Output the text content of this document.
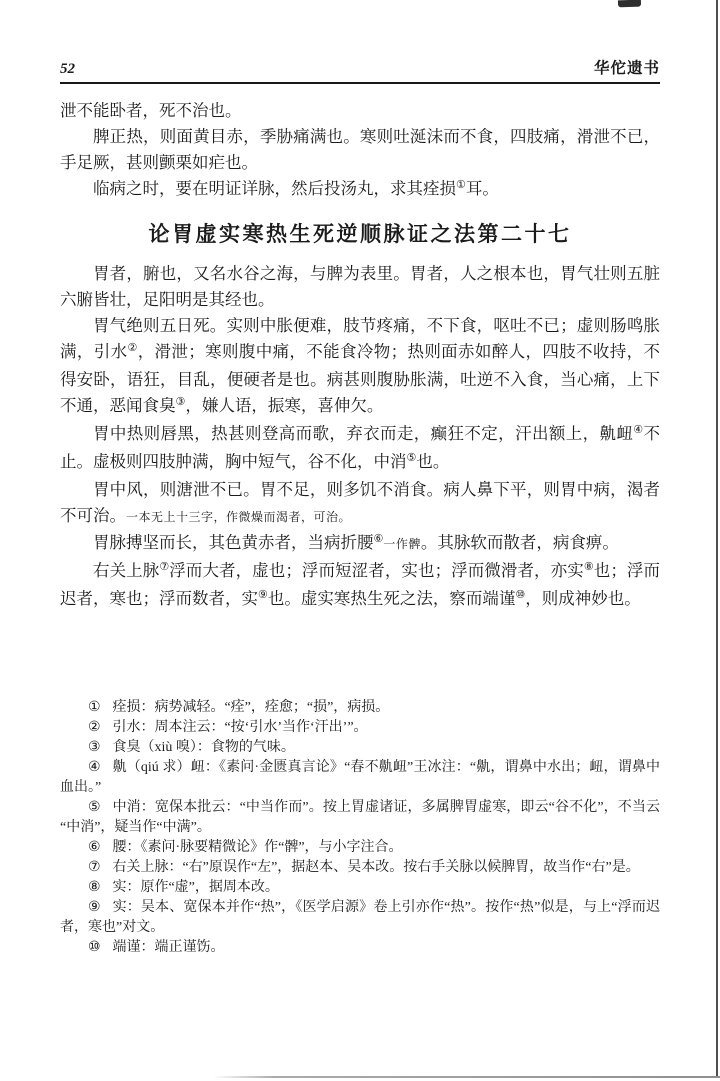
52	华佗遗书

泄不能卧者，死不治也。

脾正热，则面黄目赤，季胁痛满也。寒则吐涎沫而不食，四肢痛，滑泄不已，手足厥，甚则颤栗如疟也。

临病之时，要在明证详脉，然后投汤丸，求其痊损①耳。

论胃虚实寒热生死逆顺脉证之法第二十七

胃者，腑也，又名水谷之海，与脾为表里。胃者，人之根本也，胃气壮则五脏六腑皆壮，足阳明是其经也。

胃气绝则五日死。实则中胀便难，肢节疼痛，不下食，呕吐不已；虚则肠鸣胀满，引水②，滑泄；寒则腹中痛，不能食冷物；热则面赤如醉人，四肢不收持，不得安卧，语狂，目乱，便硬者是也。病甚则腹胁胀满，吐逆不入食，当心痛，上下不通，恶闻食臭③，嫌人语，振寒，喜伸欠。

胃中热则唇黑，热甚则登高而歌，弃衣而走，癫狂不定，汗出额上，鼽衄④不止。虚极则四肢肿满，胸中短气，谷不化，中消⑤也。

胃中风，则溏泄不已。胃不足，则多饥不消食。病人鼻下平，则胃中病，渴者不可治。一本无上十三字，作微燥而渴者，可治。

胃脉搏坚而长，其色黄赤者，当病折腰⑥一作髀。其脉软而散者，病食痹。

右关上脉⑦浮而大者，虚也；浮而短涩者，实也；浮而微滑者，亦实⑧也；浮而迟者，寒也；浮而数者，实⑨也。虚实寒热生死之法，察而端谨⑩，则成神妙也。

① 痊损：病势减轻。“痊”，痊愈；“损”，病损。

② 引水：周本注云：“按‘引水’当作‘汗出’”。

③ 食臭（xiù 嗅）：食物的气味。

④ 鼽（qiú 求）衄：《素问·金匮真言论》“春不鼽衄”王冰注：“鼽，谓鼻中水出；衄，谓鼻中血出。”

⑤ 中消：宽保本批云：“中当作而”。按上胃虚诸证，多属脾胃虚寒，即云“谷不化”，不当云“中消”，疑当作“中满”。

⑥ 腰：《素问·脉要精微论》作“髀”，与小字注合。

⑦ 右关上脉：“右”原误作“左”，据赵本、吴本改。按右手关脉以候脾胃，故当作“右”是。

⑧ 实：原作“虚”，据周本改。

⑨ 实：吴本、宽保本并作“热”，《医学启源》卷上引亦作“热”。按作“热”似是，与上“浮而迟者，寒也”对文。

⑩ 端谨：端正谨饬。
